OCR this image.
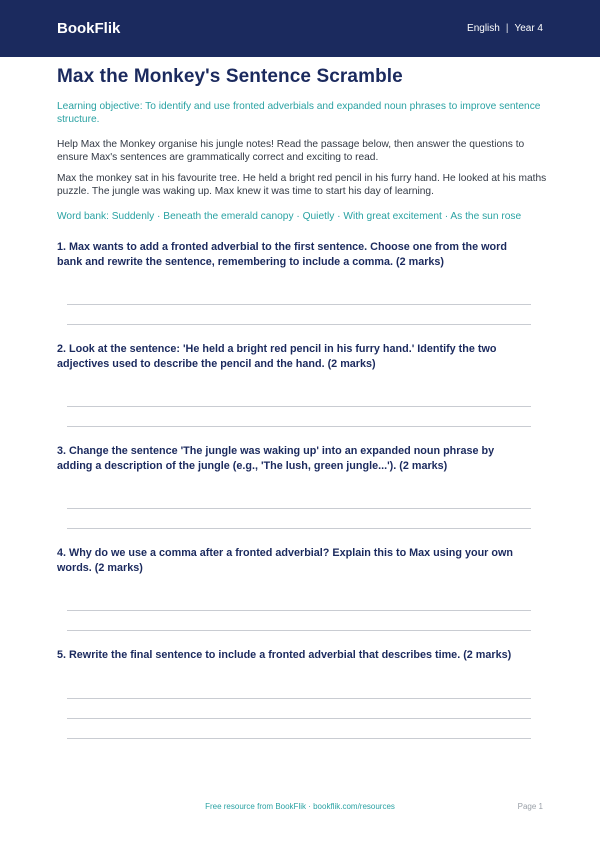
BookFlik	English | Year 4
Max the Monkey's Sentence Scramble

Learning objective: To identify and use fronted adverbials and expanded noun phrases to improve sentence structure.

Help Max the Monkey organise his jungle notes! Read the passage below, then answer the questions to ensure Max's sentences are grammatically correct and exciting to read.

Max the monkey sat in his favourite tree. He held a bright red pencil in his furry hand. He looked at his maths puzzle. The jungle was waking up. Max knew it was time to start his day of learning.

Word bank: Suddenly · Beneath the emerald canopy · Quietly · With great excitement · As the sun rose

1. Max wants to add a fronted adverbial to the first sentence. Choose one from the word bank and rewrite the sentence, remembering to include a comma. (2 marks)

2. Look at the sentence: 'He held a bright red pencil in his furry hand.' Identify the two adjectives used to describe the pencil and the hand. (2 marks)

3. Change the sentence 'The jungle was waking up' into an expanded noun phrase by adding a description of the jungle (e.g., 'The lush, green jungle...'). (2 marks)

4. Why do we use a comma after a fronted adverbial? Explain this to Max using your own words. (2 marks)

5. Rewrite the final sentence to include a fronted adverbial that describes time. (2 marks)

Free resource from BookFlik · bookflik.com/resources	Page 1
